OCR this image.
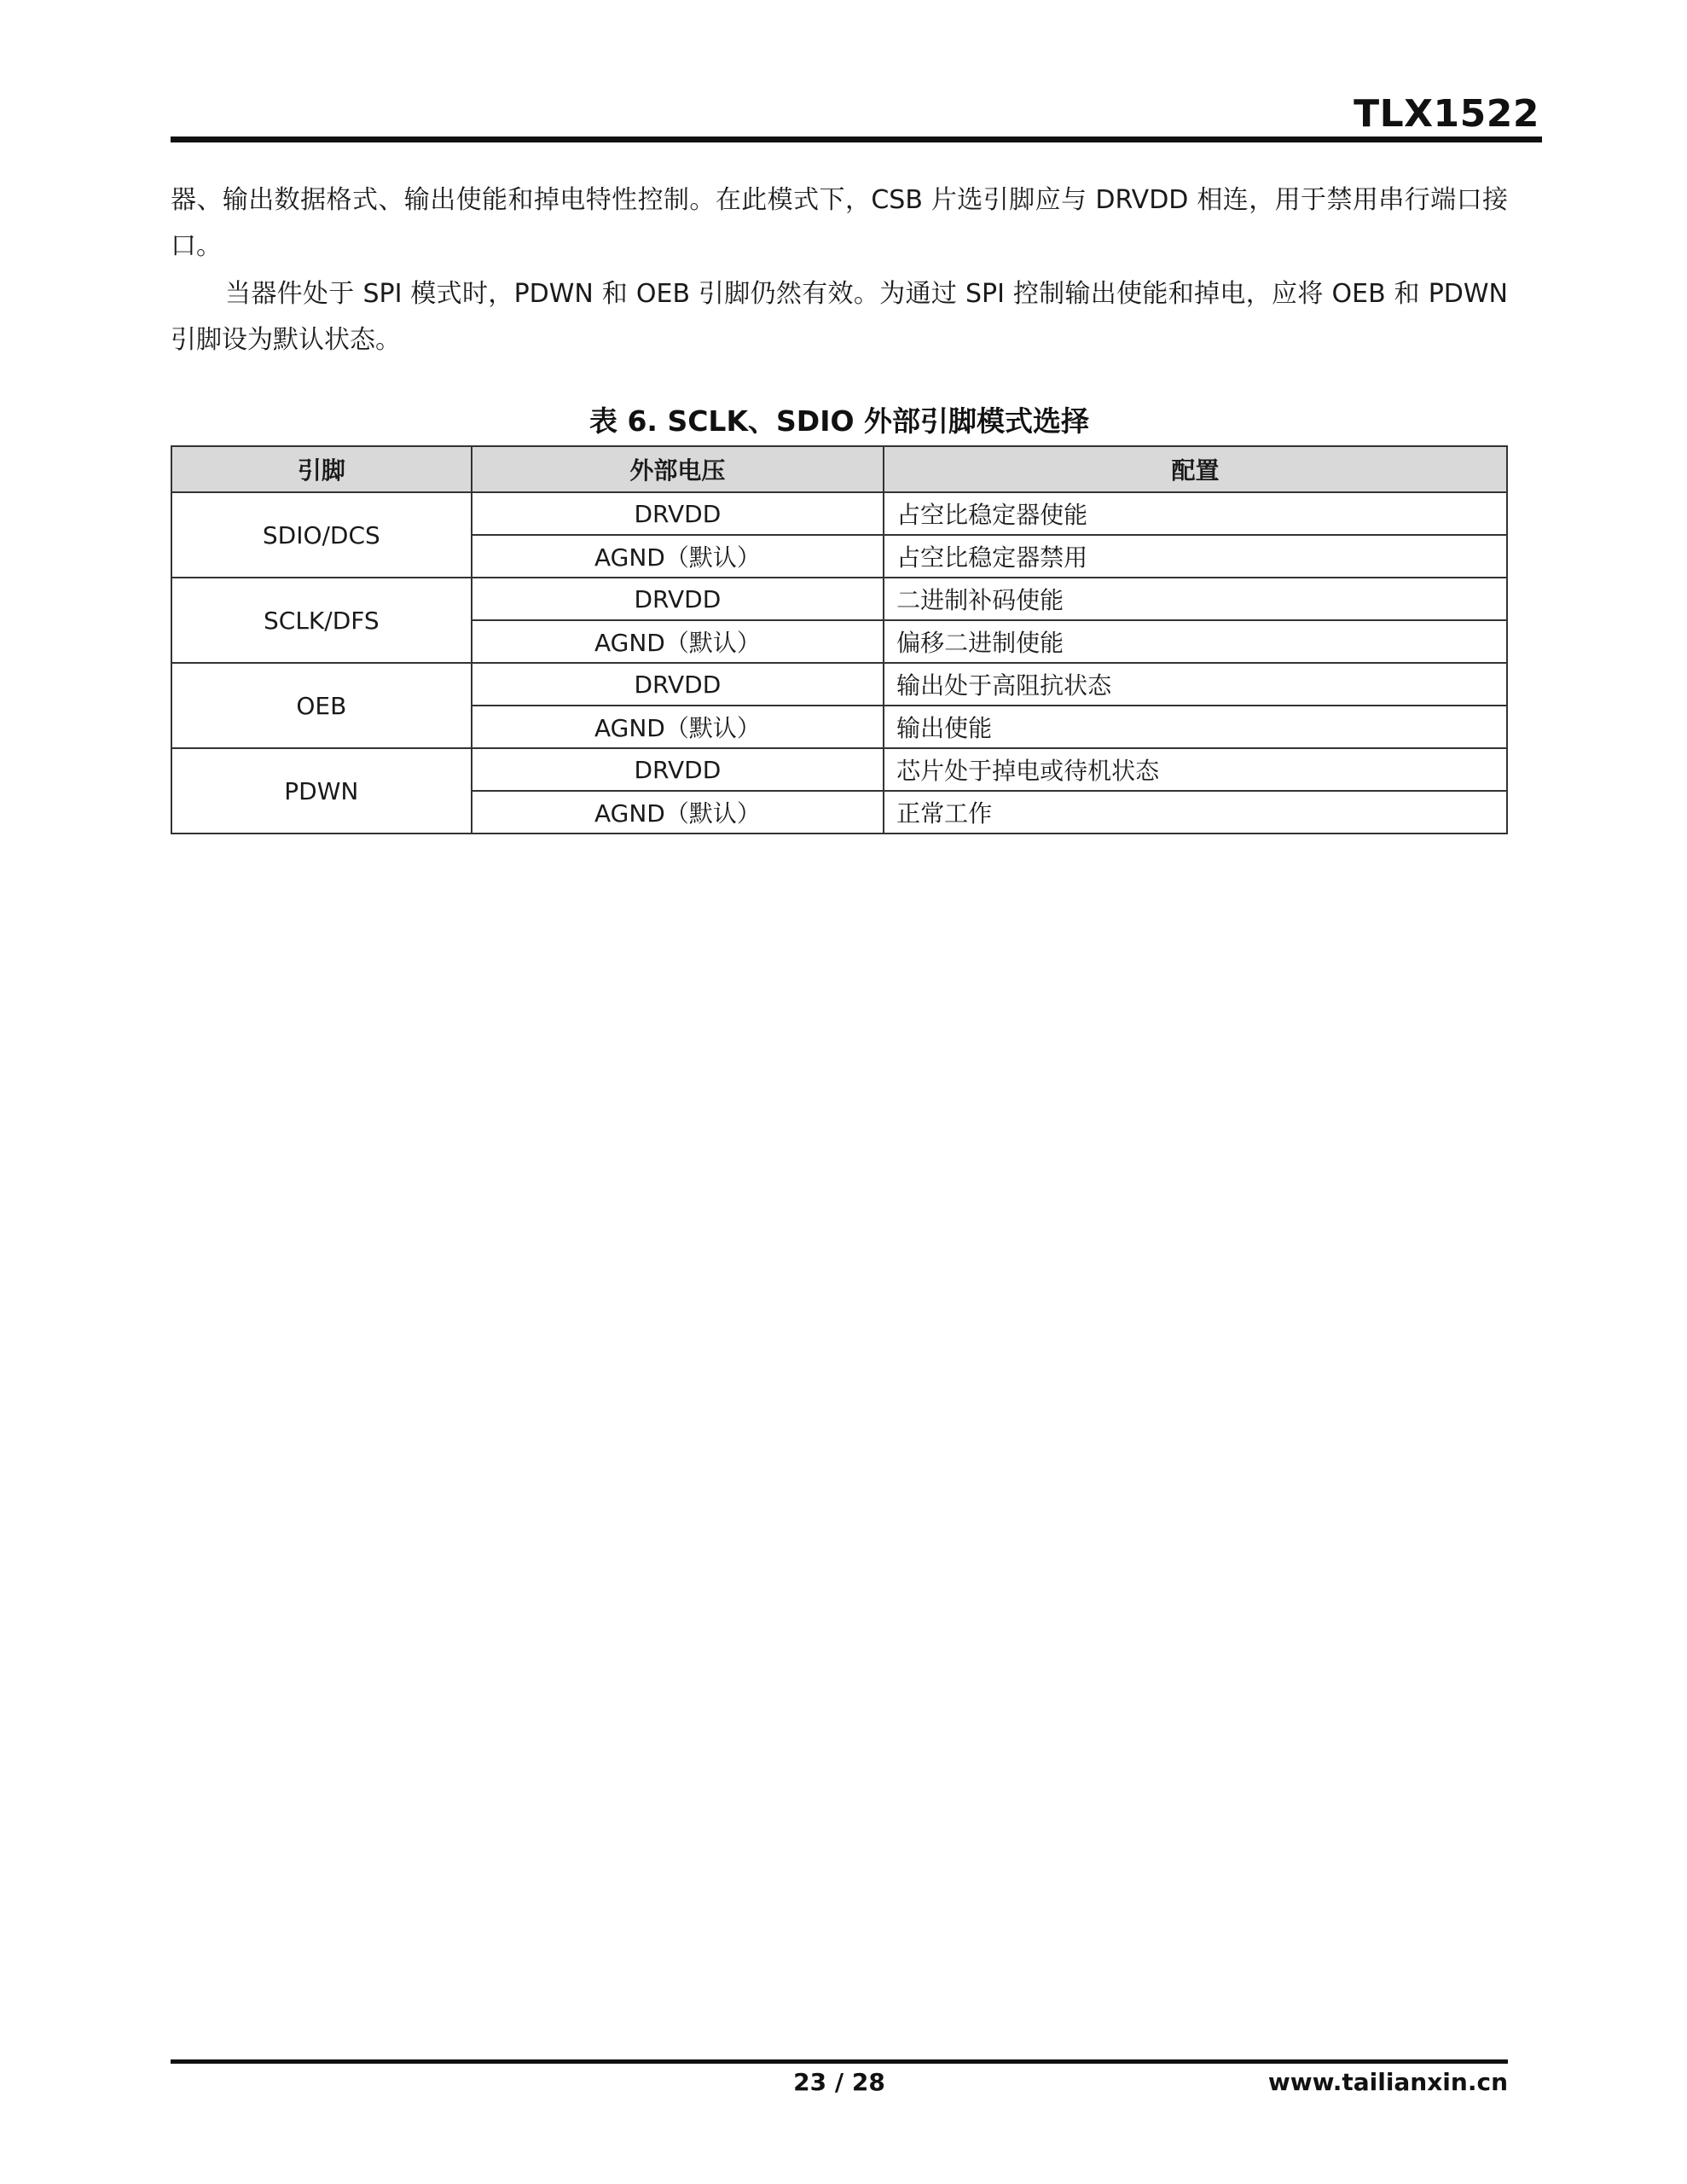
TLX1522
器、输出数据格式、输出使能和掉电特性控制。在此模式下，CSB 片选引脚应与 DRVDD 相连，用于禁用串行端口接口。
当器件处于 SPI 模式时，PDWN 和 OEB 引脚仍然有效。为通过 SPI 控制输出使能和掉电，应将 OEB 和 PDWN 引脚设为默认状态。
表 6. SCLK、SDIO 外部引脚模式选择
引脚	外部电压	配置
SDIO/DCS	DRVDD	占空比稳定器使能
	AGND（默认）	占空比稳定器禁用
SCLK/DFS	DRVDD	二进制补码使能
	AGND（默认）	偏移二进制使能
OEB	DRVDD	输出处于高阻抗状态
	AGND（默认）	输出使能
PDWN	DRVDD	芯片处于掉电或待机状态
	AGND（默认）	正常工作
23 / 28	www.tailianxin.cn
